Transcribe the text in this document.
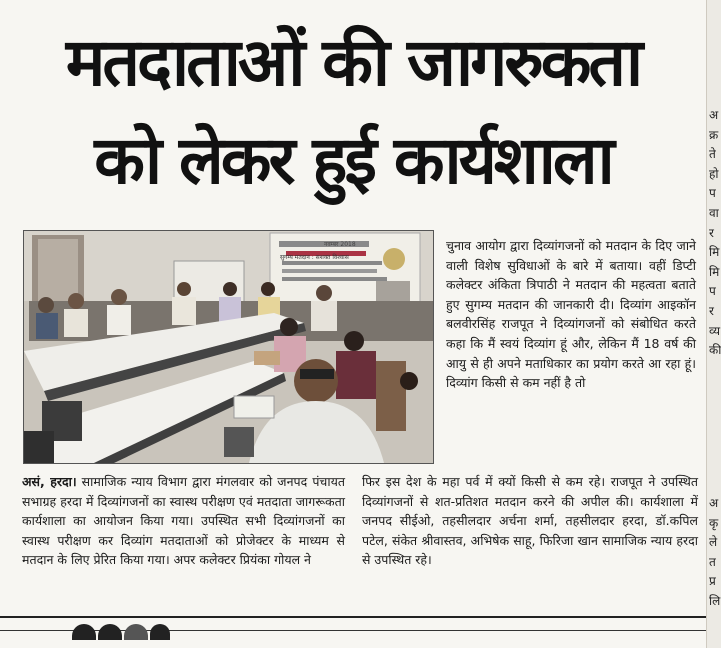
मतदाताओं की जागरुकता
को लेकर हुई कार्यशाला
नवम्बर 2018
सुगम्य मतदान : सशक्त विश्वास

चुनाव आयोग द्वारा दिव्यांगजनों को मतदान के दिए जाने वाली विशेष सुविधाओं के बारे में बताया। वहीं डिप्टी कलेक्टर अंकिता त्रिपाठी ने मतदान की महत्वता बताते हुए सुगम्य मतदान की जानकारी दी। दिव्यांग आइकॉन बलवीरसिंह राजपूत ने दिव्यांगजनों को संबोधित करते कहा कि मैं स्वयं दिव्यांग हूं और, लेकिन मैं 18 वर्ष की आयु से ही अपने मताधिकार का प्रयोग करते आ रहा हूं। दिव्यांग किसी से कम नहीं है तो

असं, हरदा। सामाजिक न्याय विभाग द्वारा मंगलवार को जनपद पंचायत सभाग्रह हरदा में दिव्यांगजनों का स्वास्थ परीक्षण एवं मतदाता जागरूकता कार्यशाला का आयोजन किया गया। उपस्थित सभी दिव्यांगजनों का स्वास्थ परीक्षण कर दिव्यांग मतदाताओं को प्रोजेक्टर के माध्यम से मतदान के लिए प्रेरित किया गया। अपर कलेक्टर प्रियंका गोयल ने

फिर इस देश के महा पर्व में क्यों किसी से कम रहे। राजपूत ने उपस्थित दिव्यांगजनों से शत-प्रतिशत मतदान करने की अपील की। कार्यशाला में जनपद सीईओ, तहसीलदार अर्चना शर्मा, तहसीलदार हरदा, डॉ.कपिल पटेल, संकेत श्रीवास्तव, अभिषेक साहू, फिरिजा खान सामाजिक न्याय हरदा से उपस्थित रहे।

अ
क्र
ते
हो
प
वा
र
मि
मि
प
र
व्य
की
अ
कृ
ले
त
प्र
लि
